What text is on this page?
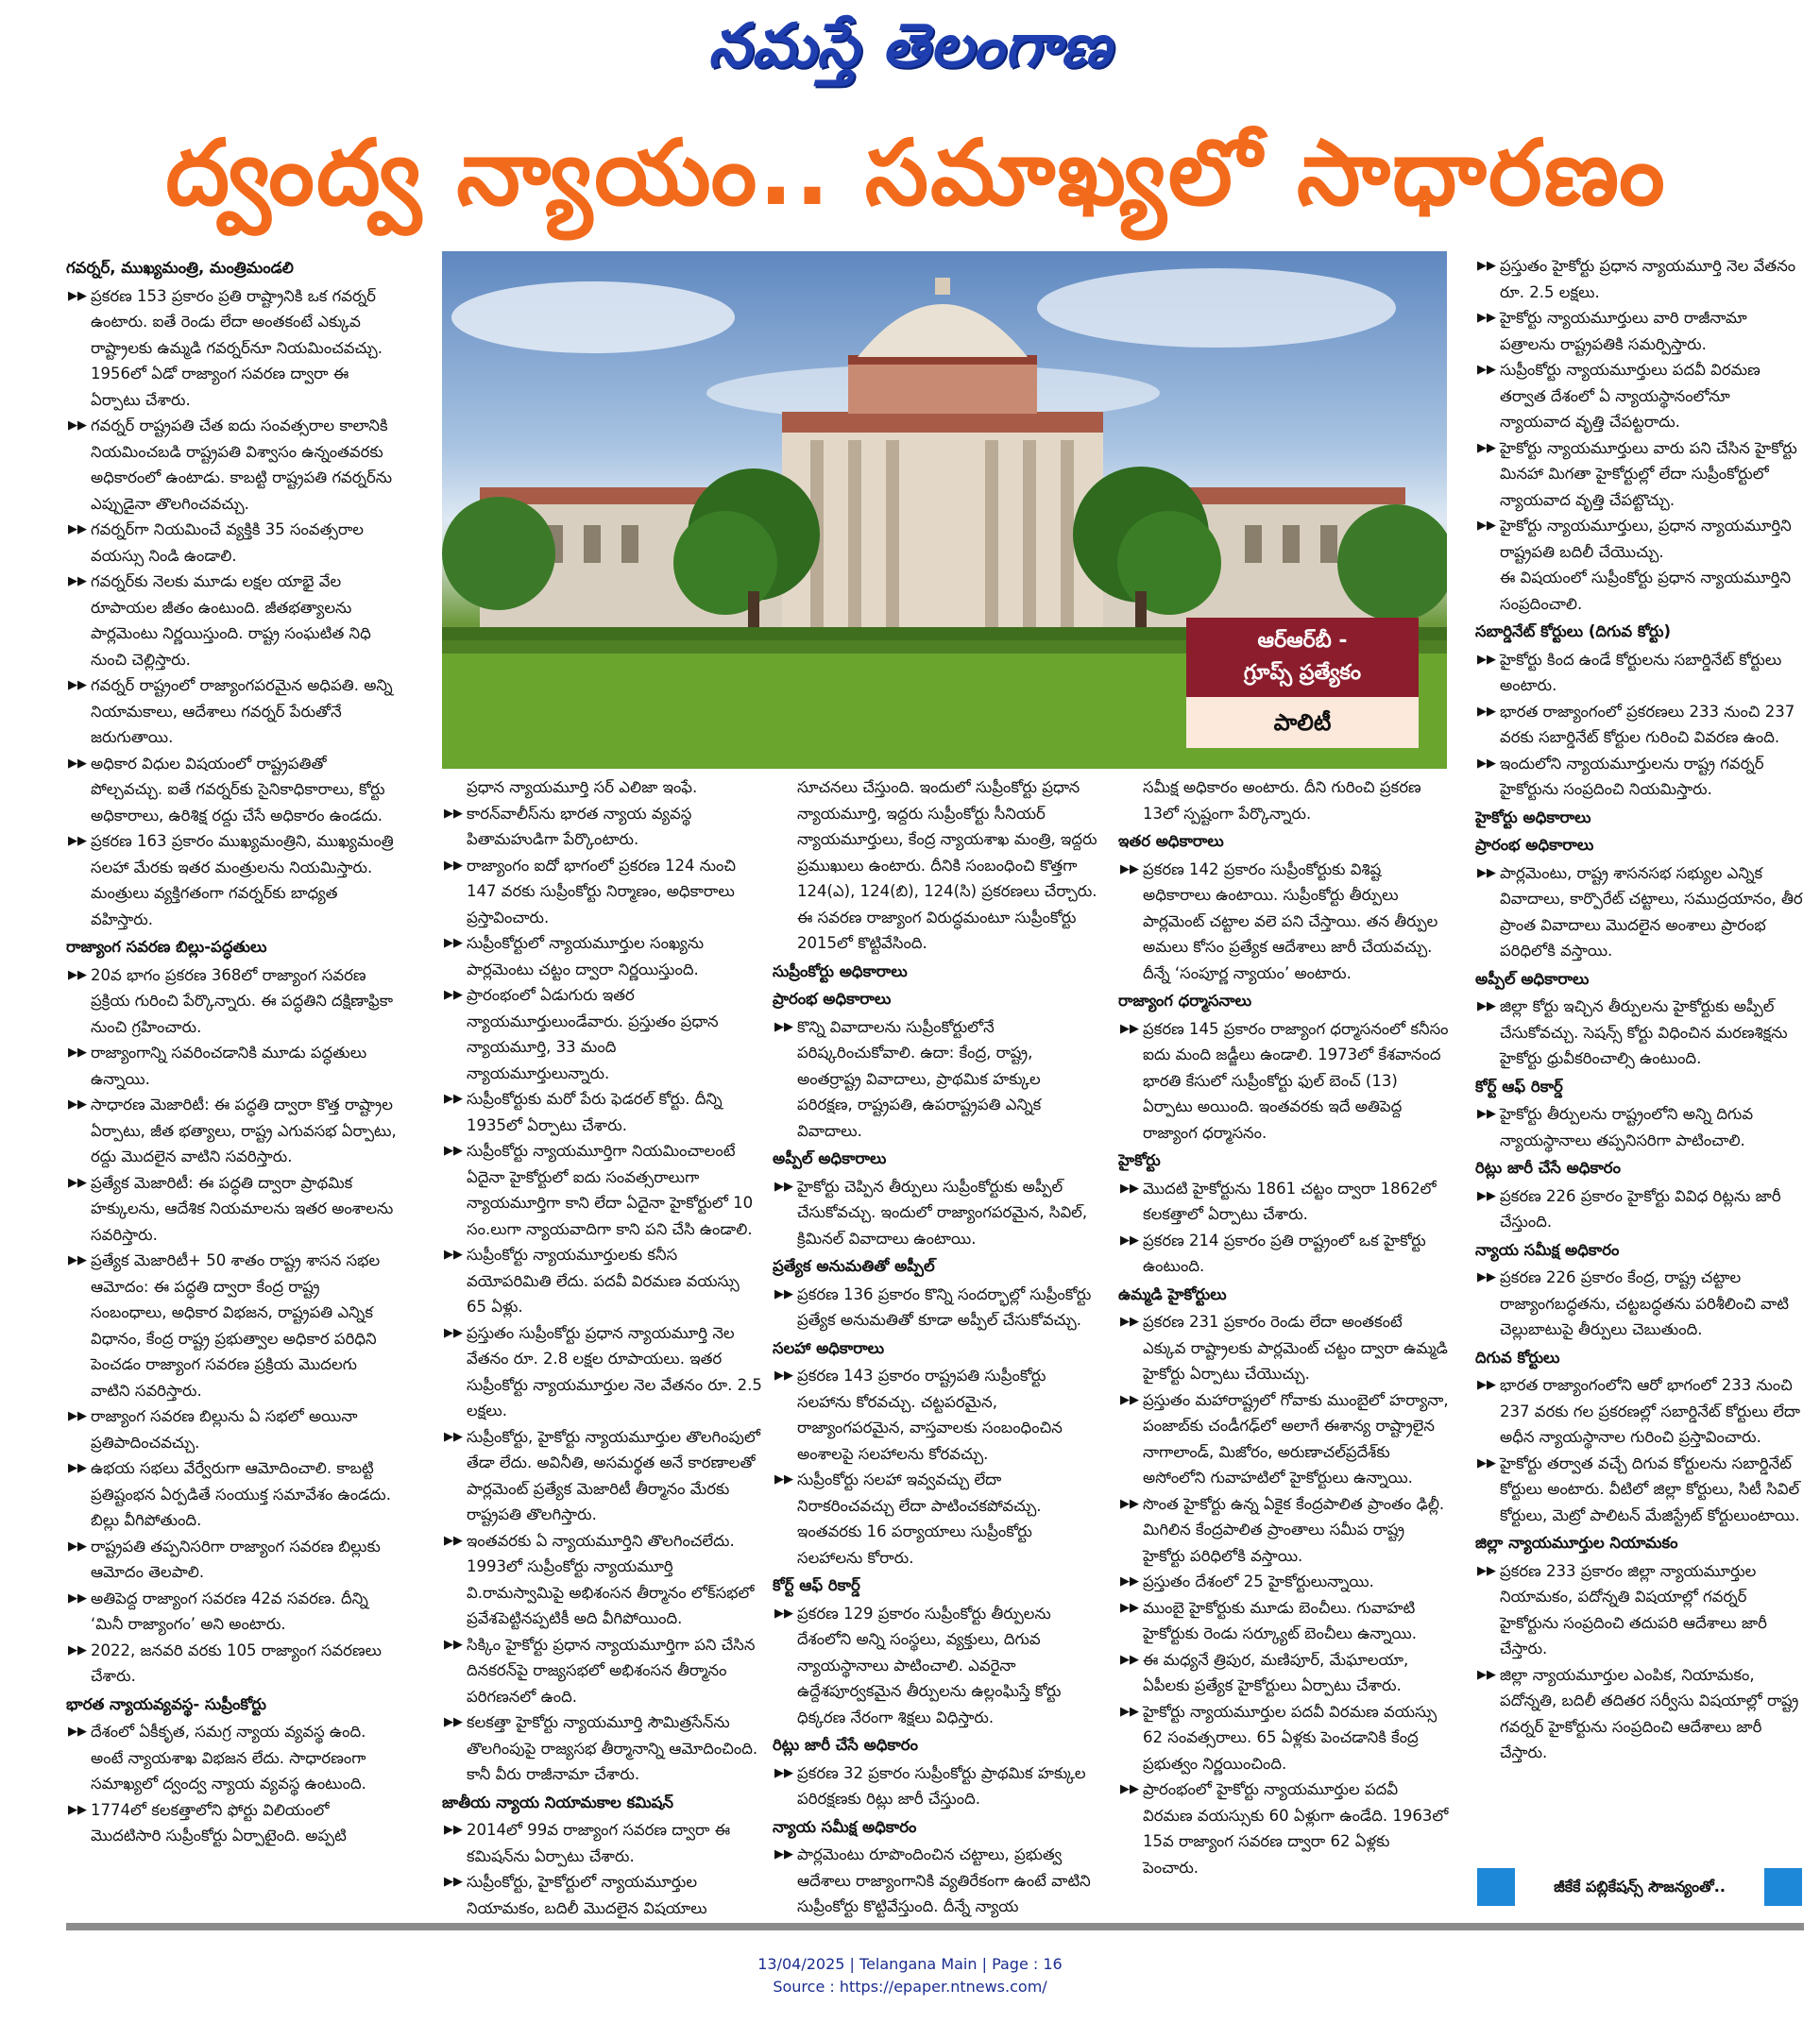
నమస్తే తెలంగాణ
ద్వంద్వ న్యాయం.. సమాఖ్యలో సాధారణం
ఆర్ఆర్‌బీ -
గ్రూప్స్ ప్రత్యేకం
పాలిటీ
గవర్నర్, ముఖ్యమంత్రి, మంత్రిమండలి
▶▶ ప్రకరణ 153 ప్రకారం ప్రతి రాష్ట్రానికి ఒక గవర్నర్ ఉంటారు. ఐతే రెండు లేదా అంతకంటే ఎక్కువ రాష్ట్రాలకు ఉమ్మడి గవర్నర్‌నూ నియమించవచ్చు. 1956లో ఏడో రాజ్యాంగ సవరణ ద్వారా ఈ ఏర్పాటు చేశారు.
▶▶ గవర్నర్ రాష్ట్రపతి చేత ఐదు సంవత్సరాల కాలానికి నియమించబడి రాష్ట్రపతి విశ్వాసం ఉన్నంతవరకు అధికారంలో ఉంటాడు. కాబట్టి రాష్ట్రపతి గవర్నర్‌ను ఎప్పుడైనా తొలగించవచ్చు.
▶▶ గవర్నర్‌గా నియమించే వ్యక్తికి 35 సంవత్సరాల వయస్సు నిండి ఉండాలి.
▶▶ గవర్నర్‌కు నెలకు మూడు లక్షల యాభై వేల రూపాయల జీతం ఉంటుంది. జీతభత్యాలను పార్లమెంటు నిర్ణయిస్తుంది. రాష్ట్ర సంఘటిత నిధి నుంచి చెల్లిస్తారు.
▶▶ గవర్నర్ రాష్ట్రంలో రాజ్యాంగపరమైన అధిపతి. అన్ని నియామకాలు, ఆదేశాలు గవర్నర్ పేరుతోనే జరుగుతాయి.
▶▶ అధికార విధుల విషయంలో రాష్ట్రపతితో పోల్చవచ్చు. ఐతే గవర్నర్‌కు సైనికాధికారాలు, కోర్టు అధికారాలు, ఉరిశిక్ష రద్దు చేసే అధికారం ఉండదు.
▶▶ ప్రకరణ 163 ప్రకారం ముఖ్యమంత్రిని, ముఖ్యమంత్రి సలహా మేరకు ఇతర మంత్రులను నియమిస్తారు. మంత్రులు వ్యక్తిగతంగా గవర్నర్‌కు బాధ్యత వహిస్తారు.
రాజ్యాంగ సవరణ బిల్లు-పద్ధతులు
▶▶ 20వ భాగం ప్రకరణ 368లో రాజ్యాంగ సవరణ ప్రక్రియ గురించి పేర్కొన్నారు. ఈ పద్ధతిని దక్షిణాఫ్రికా నుంచి గ్రహించారు.
▶▶ రాజ్యాంగాన్ని సవరించడానికి మూడు పద్ధతులు ఉన్నాయి.
▶▶ సాధారణ మెజారిటీ: ఈ పద్ధతి ద్వారా కొత్త రాష్ట్రాల ఏర్పాటు, జీత భత్యాలు, రాష్ట్ర ఎగువసభ ఏర్పాటు, రద్దు మొదలైన వాటిని సవరిస్తారు.
▶▶ ప్రత్యేక మెజారిటీ: ఈ పద్ధతి ద్వారా ప్రాథమిక హక్కులను, ఆదేశిక నియమాలను ఇతర అంశాలను సవరిస్తారు.
▶▶ ప్రత్యేక మెజారిటీ+ 50 శాతం రాష్ట్ర శాసన సభల ఆమోదం: ఈ పద్ధతి ద్వారా కేంద్ర రాష్ట్ర సంబంధాలు, అధికార విభజన, రాష్ట్రపతి ఎన్నిక విధానం, కేంద్ర రాష్ట్ర ప్రభుత్వాల అధికార పరిధిని పెంచడం రాజ్యాంగ సవరణ ప్రక్రియ మొదలగు వాటిని సవరిస్తారు.
▶▶ రాజ్యాంగ సవరణ బిల్లును ఏ సభలో అయినా ప్రతిపాదించవచ్చు.
▶▶ ఉభయ సభలు వేర్వేరుగా ఆమోదించాలి. కాబట్టి ప్రతిష్టంభన ఏర్పడితే సంయుక్త సమావేశం ఉండదు. బిల్లు వీగిపోతుంది.
▶▶ రాష్ట్రపతి తప్పనిసరిగా రాజ్యాంగ సవరణ బిల్లుకు ఆమోదం తెలపాలి.
▶▶ అతిపెద్ద రాజ్యాంగ సవరణ 42వ సవరణ. దీన్ని ‘మినీ రాజ్యాంగం’ అని అంటారు.
▶▶ 2022, జనవరి వరకు 105 రాజ్యాంగ సవరణలు చేశారు.
భారత న్యాయవ్యవస్థ- సుప్రీంకోర్టు
▶▶ దేశంలో ఏకీకృత, సమగ్ర న్యాయ వ్యవస్థ ఉంది. అంటే న్యాయశాఖ విభజన లేదు. సాధారణంగా సమాఖ్యలో ద్వంద్వ న్యాయ వ్యవస్థ ఉంటుంది.
▶▶ 1774లో కలకత్తాలోని ఫోర్టు విలియంలో మొదటిసారి సుప్రీంకోర్టు ఏర్పాటైంది. అప్పటి
ప్రధాన న్యాయమూర్తి సర్ ఎలిజా ఇంఫే.
▶▶ కారన్‌వాలీస్‌ను భారత న్యాయ వ్యవస్థ పితామహుడిగా పేర్కొంటారు.
▶▶ రాజ్యాంగం ఐదో భాగంలో ప్రకరణ 124 నుంచి 147 వరకు సుప్రీంకోర్టు నిర్మాణం, అధికారాలు ప్రస్తావించారు.
▶▶ సుప్రీంకోర్టులో న్యాయమూర్తుల సంఖ్యను పార్లమెంటు చట్టం ద్వారా నిర్ణయిస్తుంది.
▶▶ ప్రారంభంలో ఏడుగురు ఇతర న్యాయమూర్తులుండేవారు. ప్రస్తుతం ప్రధాన న్యాయమూర్తి, 33 మంది న్యాయమూర్తులున్నారు.
▶▶ సుప్రీంకోర్టుకు మరో పేరు ఫెడరల్ కోర్టు. దీన్ని 1935లో ఏర్పాటు చేశారు.
▶▶ సుప్రీంకోర్టు న్యాయమూర్తిగా నియమించాలంటే ఏదైనా హైకోర్టులో ఐదు సంవత్సరాలుగా న్యాయమూర్తిగా కాని లేదా ఏదైనా హైకోర్టులో 10 సం.లుగా న్యాయవాదిగా కాని పని చేసి ఉండాలి.
▶▶ సుప్రీంకోర్టు న్యాయమూర్తులకు కనీస వయోపరిమితి లేదు. పదవీ విరమణ వయస్సు 65 ఏళ్లు.
▶▶ ప్రస్తుతం సుప్రీంకోర్టు ప్రధాన న్యాయమూర్తి నెల వేతనం రూ. 2.8 లక్షల రూపాయలు. ఇతర సుప్రీంకోర్టు న్యాయమూర్తుల నెల వేతనం రూ. 2.5 లక్షలు.
▶▶ సుప్రీంకోర్టు, హైకోర్టు న్యాయమూర్తుల తొలగింపులో తేడా లేదు. అవినీతి, అసమర్థత అనే కారణాలతో పార్లమెంట్ ప్రత్యేక మెజారిటీ తీర్మానం మేరకు రాష్ట్రపతి తొలగిస్తారు.
▶▶ ఇంతవరకు ఏ న్యాయమూర్తిని తొలగించలేదు. 1993లో సుప్రీంకోర్టు న్యాయమూర్తి వి.రామస్వామిపై అభిశంసన తీర్మానం లోక్‌సభలో ప్రవేశపెట్టినప్పటికీ అది వీగిపోయింది.
▶▶ సిక్కిం హైకోర్టు ప్రధాన న్యాయమూర్తిగా పని చేసిన దినకరన్‌పై రాజ్యసభలో అభిశంసన తీర్మానం పరిగణనలో ఉంది.
▶▶ కలకత్తా హైకోర్టు న్యాయమూర్తి సౌమిత్రసేన్‌ను తొలగింపుపై రాజ్యసభ తీర్మానాన్ని ఆమోదించింది. కానీ వీరు రాజీనామా చేశారు.
జాతీయ న్యాయ నియామకాల కమిషన్
▶▶ 2014లో 99వ రాజ్యాంగ సవరణ ద్వారా ఈ కమిషన్‌ను ఏర్పాటు చేశారు.
▶▶ సుప్రీంకోర్టు, హైకోర్టులో న్యాయమూర్తుల నియామకం, బదిలీ మొదలైన విషయాలు
సూచనలు చేస్తుంది. ఇందులో సుప్రీంకోర్టు ప్రధాన న్యాయమూర్తి, ఇద్దరు సుప్రీంకోర్టు సీనియర్ న్యాయమూర్తులు, కేంద్ర న్యాయశాఖ మంత్రి, ఇద్దరు ప్రముఖులు ఉంటారు. దీనికి సంబంధించి కొత్తగా 124(ఎ), 124(బి), 124(సి) ప్రకరణలు చేర్చారు. ఈ సవరణ రాజ్యాంగ విరుద్ధమంటూ సుప్రీంకోర్టు 2015లో కొట్టివేసింది.
సుప్రీంకోర్టు అధికారాలు
ప్రారంభ అధికారాలు
▶▶ కొన్ని వివాదాలను సుప్రీంకోర్టులోనే పరిష్కరించుకోవాలి. ఉదా: కేంద్ర, రాష్ట్ర, అంతర్రాష్ట్ర వివాదాలు, ప్రాథమిక హక్కుల పరిరక్షణ, రాష్ట్రపతి, ఉపరాష్ట్రపతి ఎన్నిక వివాదాలు.
అప్పీల్ అధికారాలు
▶▶ హైకోర్టు చెప్పిన తీర్పులు సుప్రీంకోర్టుకు అప్పీల్ చేసుకోవచ్చు. ఇందులో రాజ్యాంగపరమైన, సివిల్, క్రిమినల్ వివాదాలు ఉంటాయి.
ప్రత్యేక అనుమతితో అప్పీల్
▶▶ ప్రకరణ 136 ప్రకారం కొన్ని సందర్భాల్లో సుప్రీంకోర్టు ప్రత్యేక అనుమతితో కూడా అప్పీల్ చేసుకోవచ్చు.
సలహా అధికారాలు
▶▶ ప్రకరణ 143 ప్రకారం రాష్ట్రపతి సుప్రీంకోర్టు సలహాను కోరవచ్చు. చట్టపరమైన, రాజ్యాంగపరమైన, వాస్తవాలకు సంబంధించిన అంశాలపై సలహాలను కోరవచ్చు.
▶▶ సుప్రీంకోర్టు సలహా ఇవ్వవచ్చు లేదా నిరాకరించవచ్చు లేదా పాటించకపోవచ్చు. ఇంతవరకు 16 పర్యాయాలు సుప్రీంకోర్టు సలహాలను కోరారు.
కోర్ట్ ఆఫ్ రికార్డ్
▶▶ ప్రకరణ 129 ప్రకారం సుప్రీంకోర్టు తీర్పులను దేశంలోని అన్ని సంస్థలు, వ్యక్తులు, దిగువ న్యాయస్థానాలు పాటించాలి. ఎవరైనా ఉద్దేశపూర్వకమైన తీర్పులను ఉల్లంఘిస్తే కోర్టు ధిక్కరణ నేరంగా శిక్షలు విధిస్తారు.
రిట్లు జారీ చేసే అధికారం
▶▶ ప్రకరణ 32 ప్రకారం సుప్రీంకోర్టు ప్రాథమిక హక్కుల పరిరక్షణకు రిట్లు జారీ చేస్తుంది.
న్యాయ సమీక్ష అధికారం
▶▶ పార్లమెంటు రూపొందించిన చట్టాలు, ప్రభుత్వ ఆదేశాలు రాజ్యాంగానికి వ్యతిరేకంగా ఉంటే వాటిని సుప్రీంకోర్టు కొట్టివేస్తుంది. దీన్నే న్యాయ
సమీక్ష అధికారం అంటారు. దీని గురించి ప్రకరణ 13లో స్పష్టంగా పేర్కొన్నారు.
ఇతర అధికారాలు
▶▶ ప్రకరణ 142 ప్రకారం సుప్రీంకోర్టుకు విశిష్ట అధికారాలు ఉంటాయి. సుప్రీంకోర్టు తీర్పులు పార్లమెంట్ చట్టాల వలె పని చేస్తాయి. తన తీర్పుల అమలు కోసం ప్రత్యేక ఆదేశాలు జారీ చేయవచ్చు. దీన్నే ‘సంపూర్ణ న్యాయం’ అంటారు.
రాజ్యాంగ ధర్మాసనాలు
▶▶ ప్రకరణ 145 ప్రకారం రాజ్యాంగ ధర్మాసనంలో కనీసం ఐదు మంది జడ్జీలు ఉండాలి. 1973లో కేశవానంద భారతి కేసులో సుప్రీంకోర్టు ఫుల్ బెంచ్ (13) ఏర్పాటు అయింది. ఇంతవరకు ఇదే అతిపెద్ద రాజ్యాంగ ధర్మాసనం.
హైకోర్టు
▶▶ మొదటి హైకోర్టును 1861 చట్టం ద్వారా 1862లో కలకత్తాలో ఏర్పాటు చేశారు.
▶▶ ప్రకరణ 214 ప్రకారం ప్రతి రాష్ట్రంలో ఒక హైకోర్టు ఉంటుంది.
ఉమ్మడి హైకోర్టులు
▶▶ ప్రకరణ 231 ప్రకారం రెండు లేదా అంతకంటే ఎక్కువ రాష్ట్రాలకు పార్లమెంట్ చట్టం ద్వారా ఉమ్మడి హైకోర్టు ఏర్పాటు చేయొచ్చు.
▶▶ ప్రస్తుతం మహారాష్ట్రలో గోవాకు ముంబైలో హర్యానా, పంజాబ్‌కు చండీగఢ్‌లో అలాగే ఈశాన్య రాష్ట్రాలైన నాగాలాండ్, మిజోరం, అరుణాచల్‌ప్రదేశ్‌కు అసోంలోని గువాహటిలో హైకోర్టులు ఉన్నాయి.
▶▶ సొంత హైకోర్టు ఉన్న ఏకైక కేంద్రపాలిత ప్రాంతం ఢిల్లీ. మిగిలిన కేంద్రపాలిత ప్రాంతాలు సమీప రాష్ట్ర హైకోర్టు పరిధిలోకి వస్తాయి.
▶▶ ప్రస్తుతం దేశంలో 25 హైకోర్టులున్నాయి.
▶▶ ముంబై హైకోర్టుకు మూడు బెంచీలు. గువాహటి హైకోర్టుకు రెండు సర్క్యూట్ బెంచీలు ఉన్నాయి.
▶▶ ఈ మధ్యనే త్రిపుర, మణిపూర్, మేఘాలయా, ఏపీలకు ప్రత్యేక హైకోర్టులు ఏర్పాటు చేశారు.
▶▶ హైకోర్టు న్యాయమూర్తుల పదవీ విరమణ వయస్సు 62 సంవత్సరాలు. 65 ఏళ్లకు పెంచడానికి కేంద్ర ప్రభుత్వం నిర్ణయించింది.
▶▶ ప్రారంభంలో హైకోర్టు న్యాయమూర్తుల పదవీ విరమణ వయస్సుకు 60 ఏళ్లుగా ఉండేది. 1963లో 15వ రాజ్యాంగ సవరణ ద్వారా 62 ఏళ్లకు పెంచారు.
▶▶ ప్రస్తుతం హైకోర్టు ప్రధాన న్యాయమూర్తి నెల వేతనం రూ. 2.5 లక్షలు.
▶▶ హైకోర్టు న్యాయమూర్తులు వారి రాజీనామా పత్రాలను రాష్ట్రపతికి సమర్పిస్తారు.
▶▶ సుప్రీంకోర్టు న్యాయమూర్తులు పదవీ విరమణ తర్వాత దేశంలో ఏ న్యాయస్థానంలోనూ న్యాయవాద వృత్తి చేపట్టరాదు.
▶▶ హైకోర్టు న్యాయమూర్తులు వారు పని చేసిన హైకోర్టు మినహా మిగతా హైకోర్టుల్లో లేదా సుప్రీంకోర్టులో న్యాయవాద వృత్తి చేపట్టొచ్చు.
▶▶ హైకోర్టు న్యాయమూర్తులు, ప్రధాన న్యాయమూర్తిని రాష్ట్రపతి బదిలీ చేయొచ్చు.
ఈ విషయంలో సుప్రీంకోర్టు ప్రధాన న్యాయమూర్తిని సంప్రదించాలి.
సబార్డినేట్ కోర్టులు (దిగువ కోర్టు)
▶▶ హైకోర్టు కింద ఉండే కోర్టులను సబార్డినేట్ కోర్టులు అంటారు.
▶▶ భారత రాజ్యాంగంలో ప్రకరణలు 233 నుంచి 237 వరకు సబార్డినేట్ కోర్టుల గురించి వివరణ ఉంది.
▶▶ ఇందులోని న్యాయమూర్తులను రాష్ట్ర గవర్నర్ హైకోర్టును సంప్రదించి నియమిస్తారు.
హైకోర్టు అధికారాలు
ప్రారంభ అధికారాలు
▶▶ పార్లమెంటు, రాష్ట్ర శాసనసభ సభ్యుల ఎన్నిక వివాదాలు, కార్పొరేట్ చట్టాలు, సముద్రయానం, తీర ప్రాంత వివాదాలు మొదలైన అంశాలు ప్రారంభ పరిధిలోకి వస్తాయి.
అప్పీల్ అధికారాలు
▶▶ జిల్లా కోర్టు ఇచ్చిన తీర్పులను హైకోర్టుకు అప్పీల్ చేసుకోవచ్చు. సెషన్స్ కోర్టు విధించిన మరణశిక్షను హైకోర్టు ధ్రువీకరించాల్సి ఉంటుంది.
కోర్ట్ ఆఫ్ రికార్డ్
▶▶ హైకోర్టు తీర్పులను రాష్ట్రంలోని అన్ని దిగువ న్యాయస్థానాలు తప్పనిసరిగా పాటించాలి.
రిట్లు జారీ చేసే అధికారం
▶▶ ప్రకరణ 226 ప్రకారం హైకోర్టు వివిధ రిట్లను జారీ చేస్తుంది.
న్యాయ సమీక్ష అధికారం
▶▶ ప్రకరణ 226 ప్రకారం కేంద్ర, రాష్ట్ర చట్టాల రాజ్యాంగబద్ధతను, చట్టబద్ధతను పరిశీలించి వాటి చెల్లుబాటుపై తీర్పులు చెబుతుంది.
దిగువ కోర్టులు
▶▶ భారత రాజ్యాంగంలోని ఆరో భాగంలో 233 నుంచి 237 వరకు గల ప్రకరణల్లో సబార్డినేట్ కోర్టులు లేదా అధీన న్యాయస్థానాల గురించి ప్రస్తావించారు.
▶▶ హైకోర్టు తర్వాత వచ్చే దిగువ కోర్టులను సబార్డినేట్ కోర్టులు అంటారు. వీటిలో జిల్లా కోర్టులు, సిటీ సివిల్ కోర్టులు, మెట్రో పాలిటన్ మేజిస్ట్రేట్ కోర్టులుంటాయి.
జిల్లా న్యాయమూర్తుల నియామకం
▶▶ ప్రకరణ 233 ప్రకారం జిల్లా న్యాయమూర్తుల నియామకం, పదోన్నతి విషయాల్లో గవర్నర్ హైకోర్టును సంప్రదించి తదుపరి ఆదేశాలు జారీ చేస్తారు.
▶▶ జిల్లా న్యాయమూర్తుల ఎంపిక, నియామకం, పదోన్నతి, బదిలీ తదితర సర్వీసు విషయాల్లో రాష్ట్ర గవర్నర్ హైకోర్టును సంప్రదించి ఆదేశాలు జారీ చేస్తారు.
జీకేకే పబ్లికేషన్స్ సౌజన్యంతో..
13/04/2025 | Telangana Main | Page : 16
Source : https://epaper.ntnews.com/
